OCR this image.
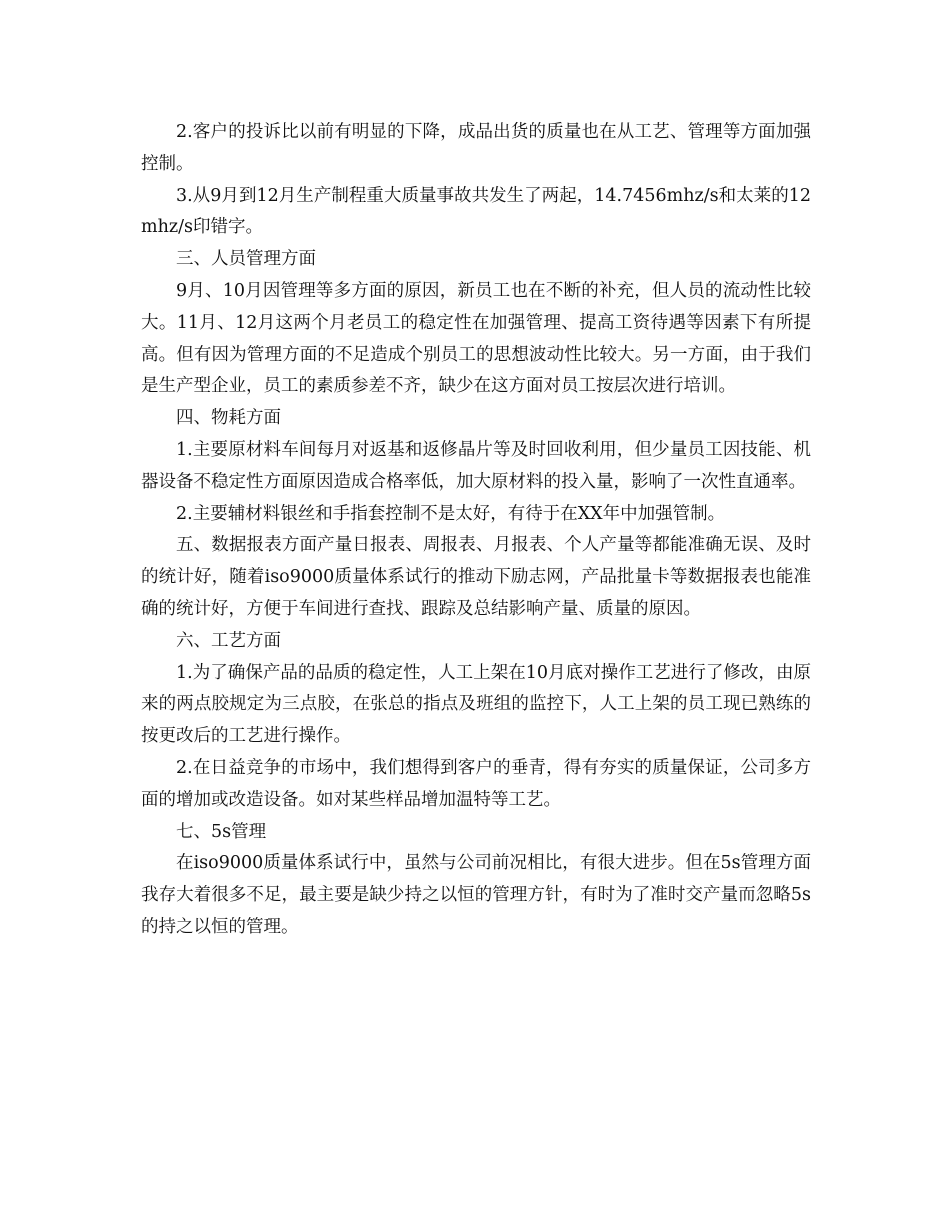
2.客户的投诉比以前有明显的下降，成品出货的质量也在从工艺、管理等方面加强控制。

3.从9月到12月生产制程重大质量事故共发生了两起，14.7456mhz/s和太莱的12mhz/s印错字。

三、人员管理方面

9月、10月因管理等多方面的原因，新员工也在不断的补充，但人员的流动性比较大。11月、12月这两个月老员工的稳定性在加强管理、提高工资待遇等因素下有所提高。但有因为管理方面的不足造成个别员工的思想波动性比较大。另一方面，由于我们是生产型企业，员工的素质参差不齐，缺少在这方面对员工按层次进行培训。

四、物耗方面

1.主要原材料车间每月对返基和返修晶片等及时回收利用，但少量员工因技能、机器设备不稳定性方面原因造成合格率低，加大原材料的投入量，影响了一次性直通率。

2.主要辅材料银丝和手指套控制不是太好，有待于在XX年中加强管制。

五、数据报表方面产量日报表、周报表、月报表、个人产量等都能准确无误、及时的统计好，随着iso9000质量体系试行的推动下励志网，产品批量卡等数据报表也能准确的统计好，方便于车间进行查找、跟踪及总结影响产量、质量的原因。

六、工艺方面

1.为了确保产品的品质的稳定性，人工上架在10月底对操作工艺进行了修改，由原来的两点胶规定为三点胶，在张总的指点及班组的监控下，人工上架的员工现已熟练的按更改后的工艺进行操作。

2.在日益竞争的市场中，我们想得到客户的垂青，得有夯实的质量保证，公司多方面的增加或改造设备。如对某些样品增加温特等工艺。

七、5s管理

在iso9000质量体系试行中，虽然与公司前况相比，有很大进步。但在5s管理方面我存大着很多不足，最主要是缺少持之以恒的管理方针，有时为了准时交产量而忽略5s的持之以恒的管理。
